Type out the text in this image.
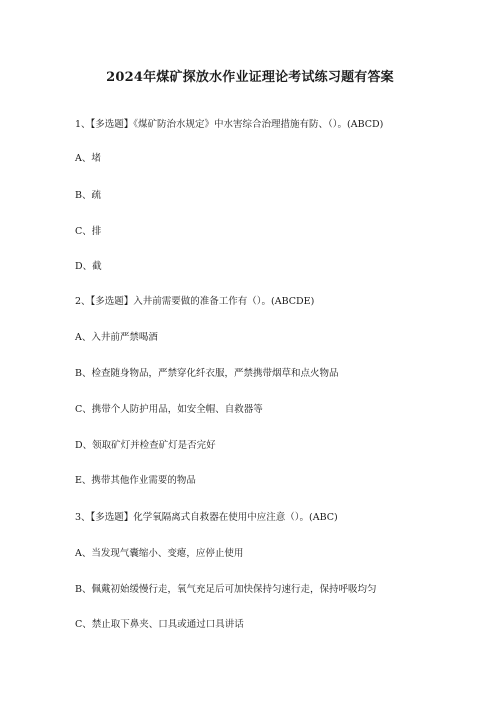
2024年煤矿探放水作业证理论考试练习题有答案
1、【多选题】《煤矿防治水规定》中水害综合治理措施有防、（）。(ABCD)
A、堵
B、疏
C、排
D、截
2、【多选题】入井前需要做的准备工作有（）。(ABCDE)
A、入井前严禁喝酒
B、检查随身物品，严禁穿化纤衣服，严禁携带烟草和点火物品
C、携带个人防护用品，如安全帽、自救器等
D、领取矿灯并检查矿灯是否完好
E、携带其他作业需要的物品
3、【多选题】化学氧隔离式自救器在使用中应注意（）。(ABC)
A、当发现气囊缩小、变瘪，应停止使用
B、佩戴初始缓慢行走，氧气充足后可加快保持匀速行走，保持呼吸均匀
C、禁止取下鼻夹、口具或通过口具讲话
